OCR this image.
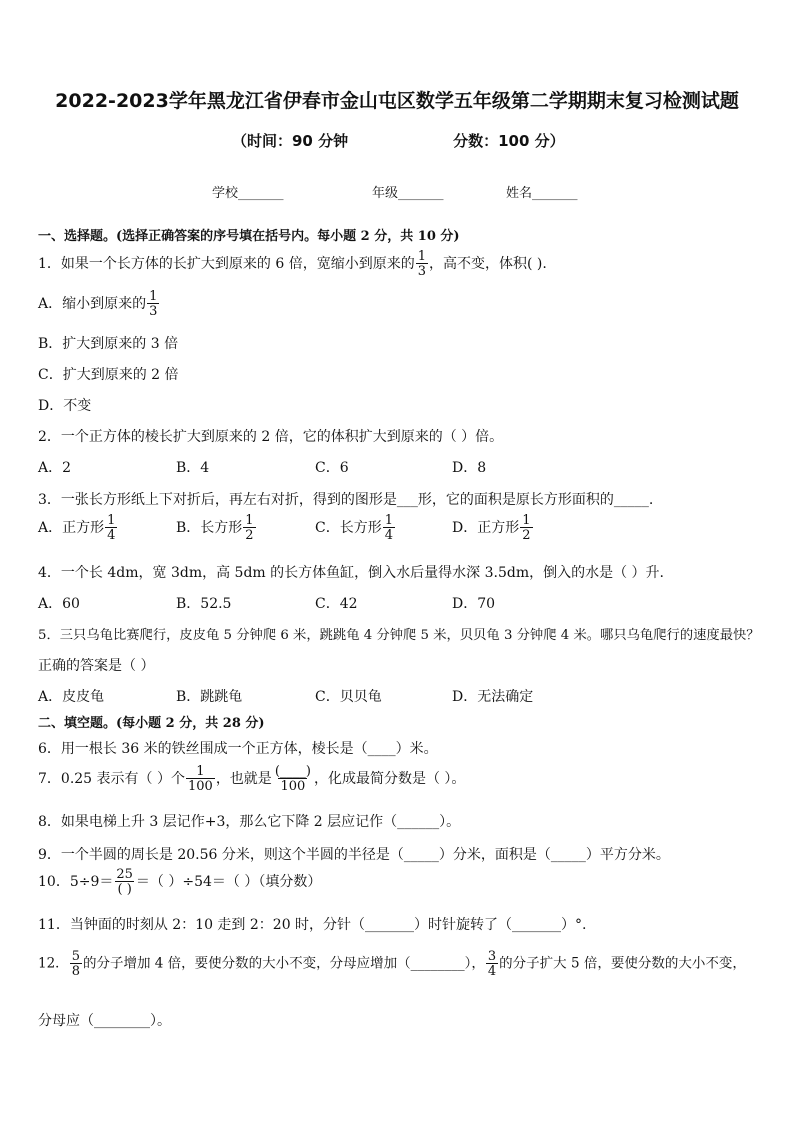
2022-2023学年黑龙江省伊春市金山屯区数学五年级第二学期期末复习检测试题
（时间：90 分钟	分数：100 分）
学校_______	年级_______	姓名_______
一、选择题。(选择正确答案的序号填在括号内。每小题 2 分，共 10 分)
1．如果一个长方体的长扩大到原来的 6 倍，宽缩小到原来的 $\frac{1}{3}$ ，高不变，体积( ).
A．缩小到原来的 $\frac{1}{3}$
B．扩大到原来的 3 倍
C．扩大到原来的 2 倍
D．不变
2．一个正方体的棱长扩大到原来的 2 倍，它的体积扩大到原来的（ ）倍。
A．2	B．4	C．6	D．8
3．一张长方形纸上下对折后，再左右对折，得到的图形是___形，它的面积是原长方形面积的_____.
A．正方形 $\frac{1}{4}$	B．长方形 $\frac{1}{2}$	C．长方形 $\frac{1}{4}$	D．正方形 $\frac{1}{2}$
4．一个长 4dm，宽 3dm，高 5dm 的长方体鱼缸，倒入水后量得水深 3.5dm，倒入的水是（ ）升.
A．60	B．52.5	C．42	D．70
5．三只乌龟比赛爬行，皮皮龟 5 分钟爬 6 米，跳跳龟 4 分钟爬 5 米，贝贝龟 3 分钟爬 4 米。哪只乌龟爬行的速度最快？
正确的答案是（ ）
A．皮皮龟	B．跳跳龟	C．贝贝龟	D．无法确定
二、填空题。(每小题 2 分，共 28 分)
6．用一根长 36 米的铁丝围成一个正方体，棱长是（____）米。
7．0.25 表示有（ ）个 $\frac{1}{100}$ ，也就是 $\frac{(\_\_\_\_)}{100}$ ，化成最简分数是（ ）。
8．如果电梯上升 3 层记作+3，那么它下降 2 层应记作（______）。
9．一个半圆的周长是 20.56 分米，则这个半圆的半径是（_____）分米，面积是（_____）平方分米。
10．$5\div 9= \frac{25}{( )}$ ＝（ ）÷54＝（ ）（填分数）
11．当钟面的时刻从 2：10 走到 2：20 时，分针（_______）时针旋转了（_______）°.
12． $\frac{5}{8}$ 的分子增加 4 倍，要使分数的大小不变，分母应增加（________）， $\frac{3}{4}$ 的分子扩大 5 倍，要使分数的大小不变，
分母应（________）。
